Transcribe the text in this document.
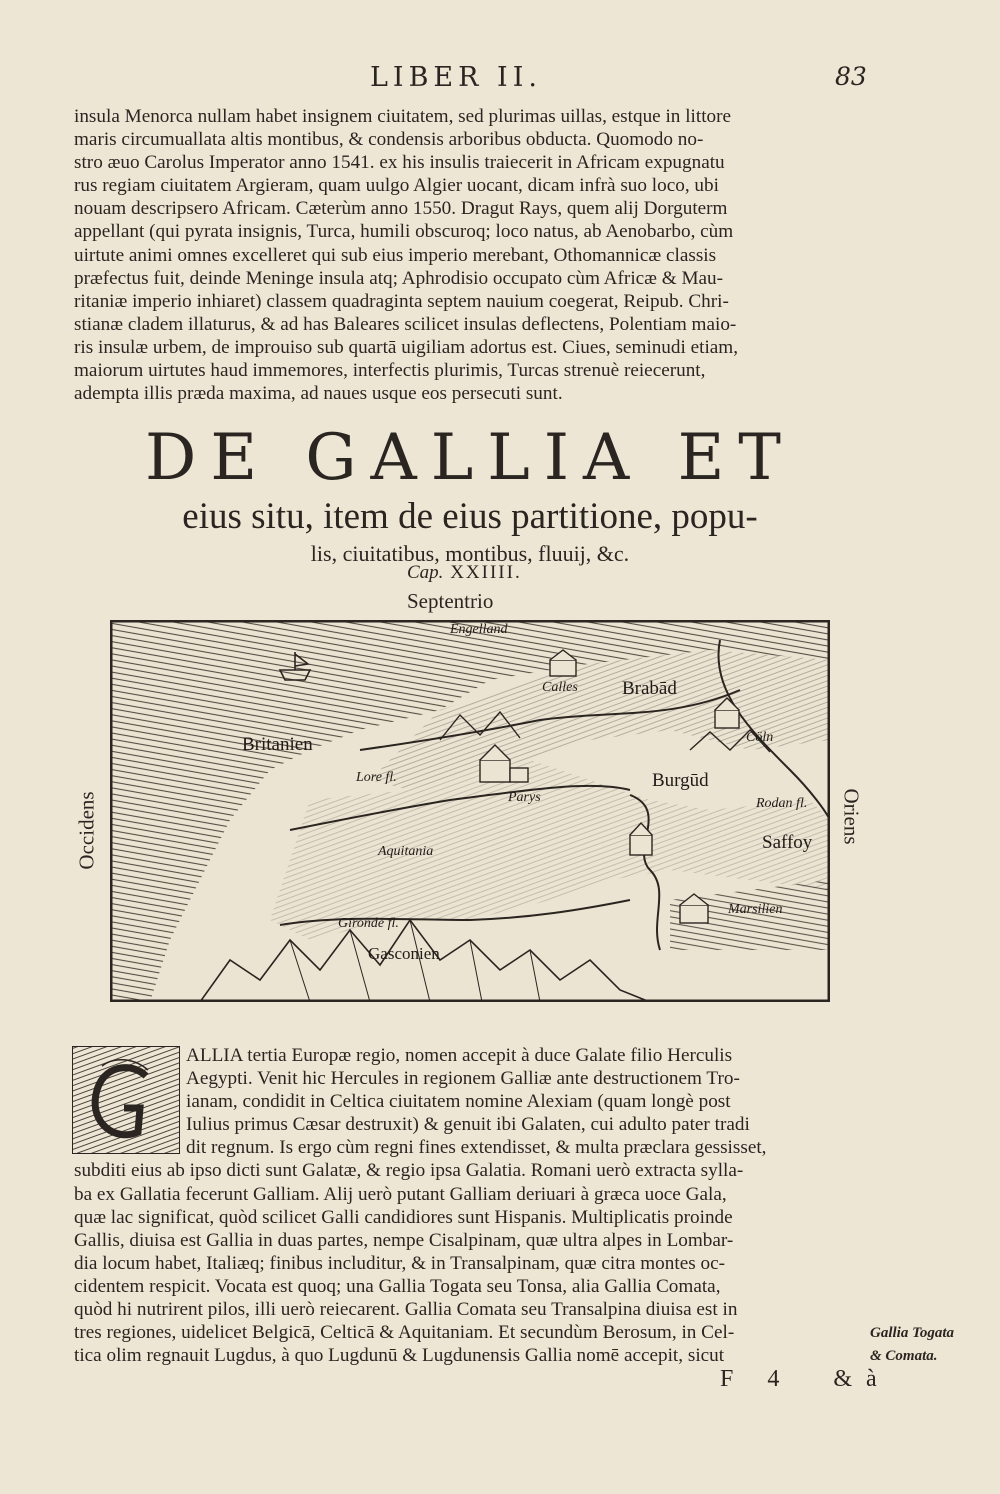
LIBER II.	83
insula Menorca nullam habet insignem ciuitatem, sed plurimas uillas, estque in littore
maris circumuallata altis montibus, & condensis arboribus obducta. Quomodo no-
stro æuo Carolus Imperator anno 1541. ex his insulis traiecerit in Africam expugnatu
rus regiam ciuitatem Argieram, quam uulgo Algier uocant, dicam infrà suo loco, ubi
nouam descripsero Africam. Cæterùm anno 1550. Dragut Rays, quem alij Dorguterm
appellant (qui pyrata insignis, Turca, humili obscuroq; loco natus, ab Aenobarbo, cùm
uirtute animi omnes excelleret qui sub eius imperio merebant, Othomannicæ classis
præfectus fuit, deinde Meninge insula atq; Aphrodisio occupato cùm Africæ & Mau-
ritaniæ imperio inhiaret) classem quadraginta septem nauium coegerat, Reipub. Chri-
stianæ cladem illaturus, & ad has Baleares scilicet insulas deflectens, Polentiam maio-
ris insulæ urbem, de improuiso sub quartā uigiliam adortus est. Ciues, seminudi etiam,
maiorum uirtutes haud immemores, interfectis plurimis, Turcas strenuè reiecerunt,
adempta illis præda maxima, ad naues usque eos persecuti sunt.
DE GALLIA ET
eius situ, item de eius partitione, popu-
lis, ciuitatibus, montibus, fluuij, &c.
Cap. XXIIII.
Septentrio
Occidens	Oriens
Engelland
Calles Brabād
Britanien	Cöln
Lore fl.	Burgūd
Parys	Rodan fl.
Saffoy
Aquitania
Marsilien
Gironde fl.
Gasconien
ALLIA tertia Europæ regio, nomen accepit à duce Galate filio Herculis
Aegypti. Venit hic Hercules in regionem Galliæ ante destructionem Tro-
ianam, condidit in Celtica ciuitatem nomine Alexiam (quam longè post
Iulius primus Cæsar destruxit) & genuit ibi Galaten, cui adulto pater tradi
dit regnum. Is ergo cùm regni fines extendisset, & multa præclara gessisset,
subditi eius ab ipso dicti sunt Galatæ, & regio ipsa Galatia. Romani uerò extracta sylla-
ba ex Gallatia fecerunt Galliam. Alij uerò putant Galliam deriuari à græca uoce Gala,
quæ lac significat, quòd scilicet Galli candidiores sunt Hispanis. Multiplicatis proinde
Gallis, diuisa est Gallia in duas partes, nempe Cisalpinam, quæ ultra alpes in Lombar-
dia locum habet, Italiæq; finibus includitur, & in Transalpinam, quæ citra montes oc-
cidentem respicit. Vocata est quoq; una Gallia Togata seu Tonsa, alia Gallia Comata,
quòd hi nutrirent pilos, illi uerò reiecarent. Gallia Comata seu Transalpina diuisa est in
tres regiones, uidelicet Belgicā, Celticā & Aquitaniam. Et secundùm Berosum, in Cel-
tica olim regnauit Lugdus, à quo Lugdunū & Lugdunensis Gallia nomē accepit, sicut
Gallia Togata
& Comata.
F 4 &à
